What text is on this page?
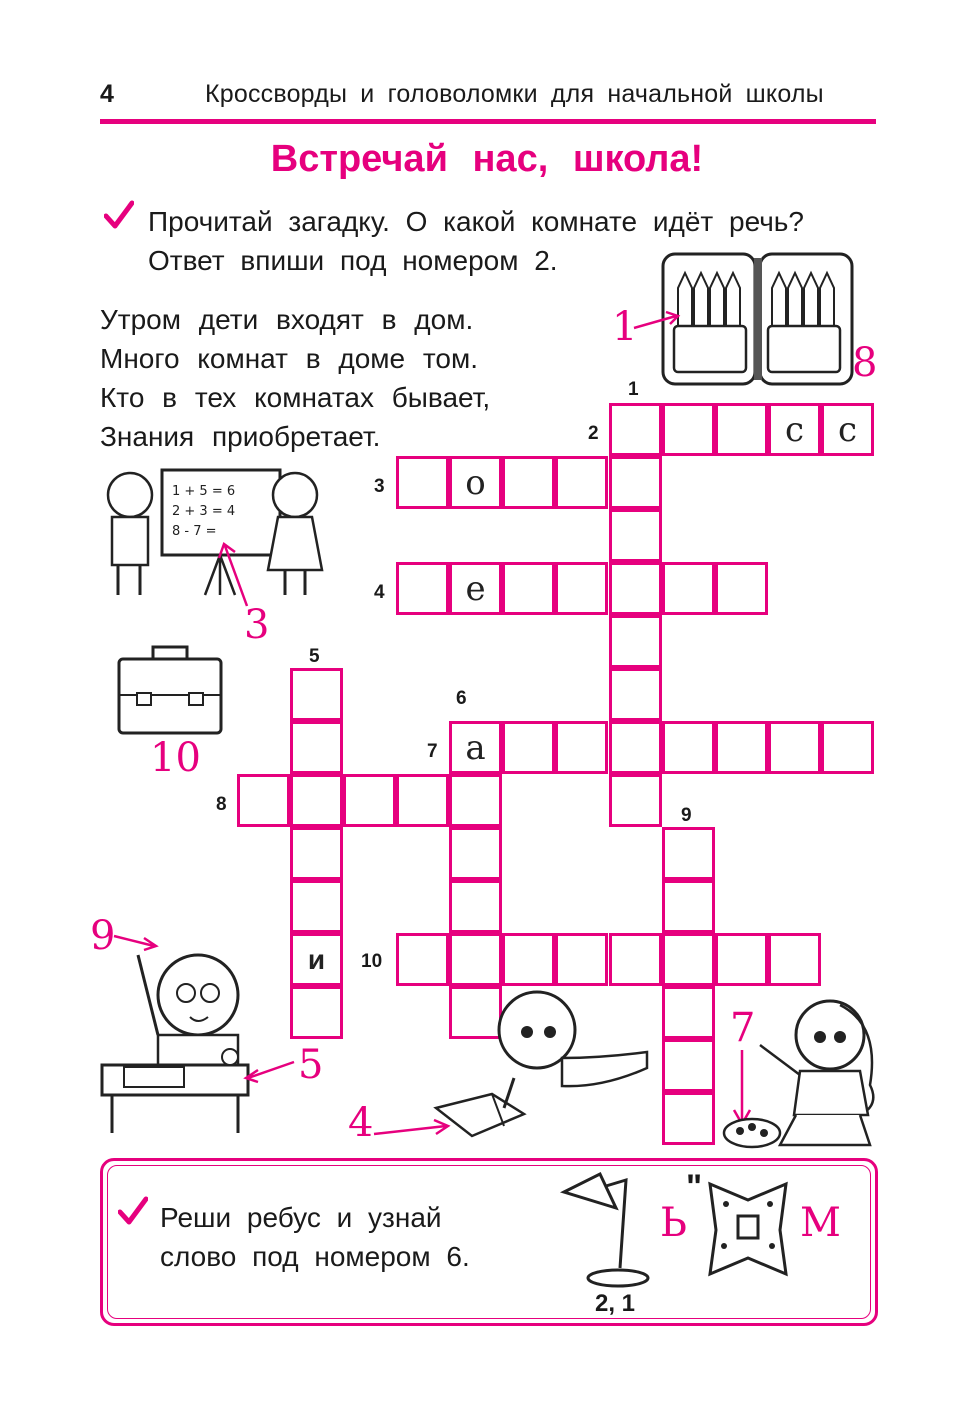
4	Кроссворды и головоломки для начальной школы
Встречай нас, школа!
Прочитай загадку. О какой комнате идёт речь? Ответ впиши под номером 2.
Утром дети входят в дом.
Много комнат в доме том.
Кто в тех комнатах бывает,
Знания приобретает.
1
8
1 + 5 = 6
2 + 3 = 4
8 - 7 =
3
10
с с
о
е
а
и
1
2
3
4
5
6
7
8
9
10
9
5
4
7
Реши ребус и узнай слово под номером 6.
Ь
"
М
2, 1
